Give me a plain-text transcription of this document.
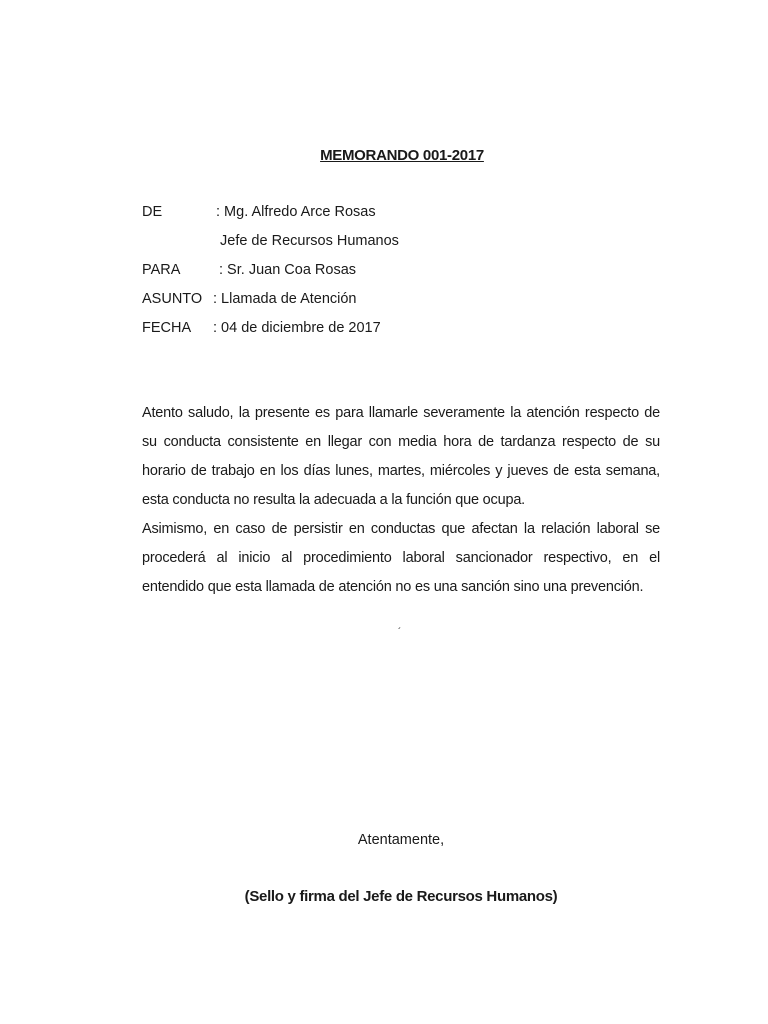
MEMORANDO 001-2017
DE	: Mg. Alfredo Arce Rosas
Jefe de Recursos Humanos
PARA	: Sr. Juan Coa Rosas
ASUNTO : Llamada de Atención
FECHA : 04 de diciembre de 2017

Atento saludo, la presente es para llamarle severamente la atención respecto de su conducta consistente en llegar con media hora de tardanza respecto de su horario de trabajo en los días lunes, martes, miércoles y jueves de esta semana, esta conducta no resulta la adecuada a la función que ocupa.

Asimismo, en caso de persistir en conductas que afectan la relación laboral se procederá al inicio al procedimiento laboral sancionador respectivo, en el entendido que esta llamada de atención no es una sanción sino una prevención.

´
Atentamente,
(Sello y firma del Jefe de Recursos Humanos)
